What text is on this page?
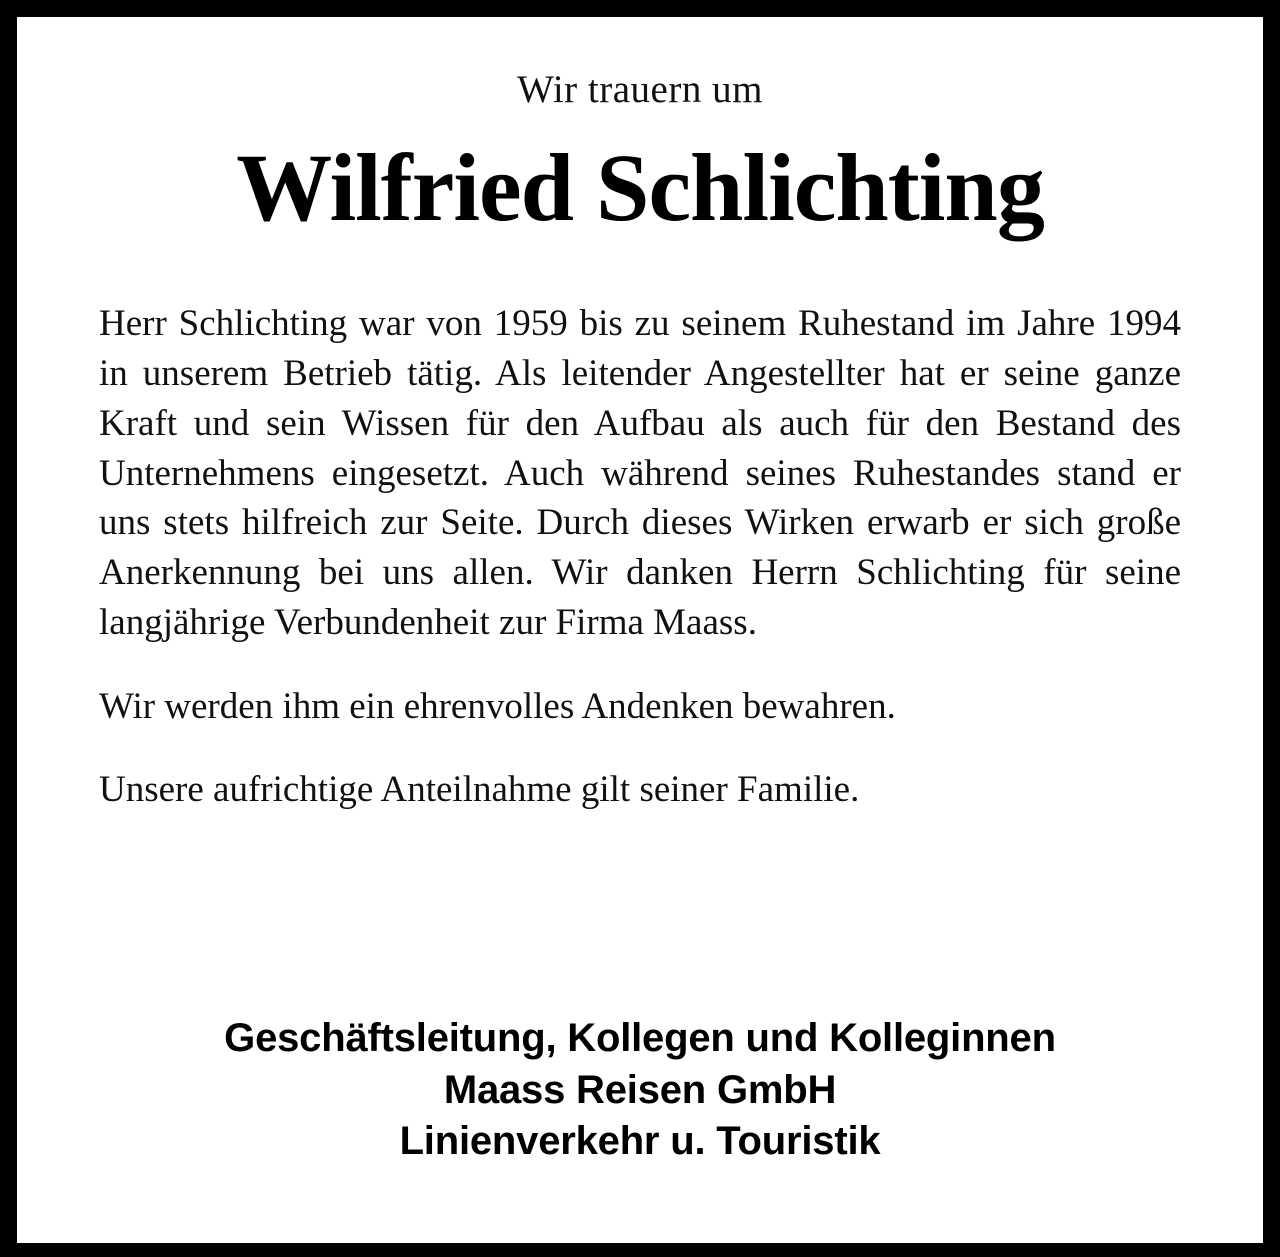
Wir trauern um
Wilfried Schlichting

Herr Schlichting war von 1959 bis zu seinem Ruhestand im Jahre 1994 in unserem Betrieb tätig. Als leitender Angestellter hat er seine ganze Kraft und sein Wissen für den Aufbau als auch für den Bestand des Unternehmens eingesetzt. Auch während seines Ruhestandes stand er uns stets hilfreich zur Seite. Durch dieses Wirken erwarb er sich große Anerkennung bei uns allen. Wir danken Herrn Schlichting für seine langjährige Verbundenheit zur Firma Maass.

Wir werden ihm ein ehrenvolles Andenken bewahren.

Unsere aufrichtige Anteilnahme gilt seiner Familie.

Geschäftsleitung, Kollegen und Kolleginnen
Maass Reisen GmbH
Linienverkehr u. Touristik
